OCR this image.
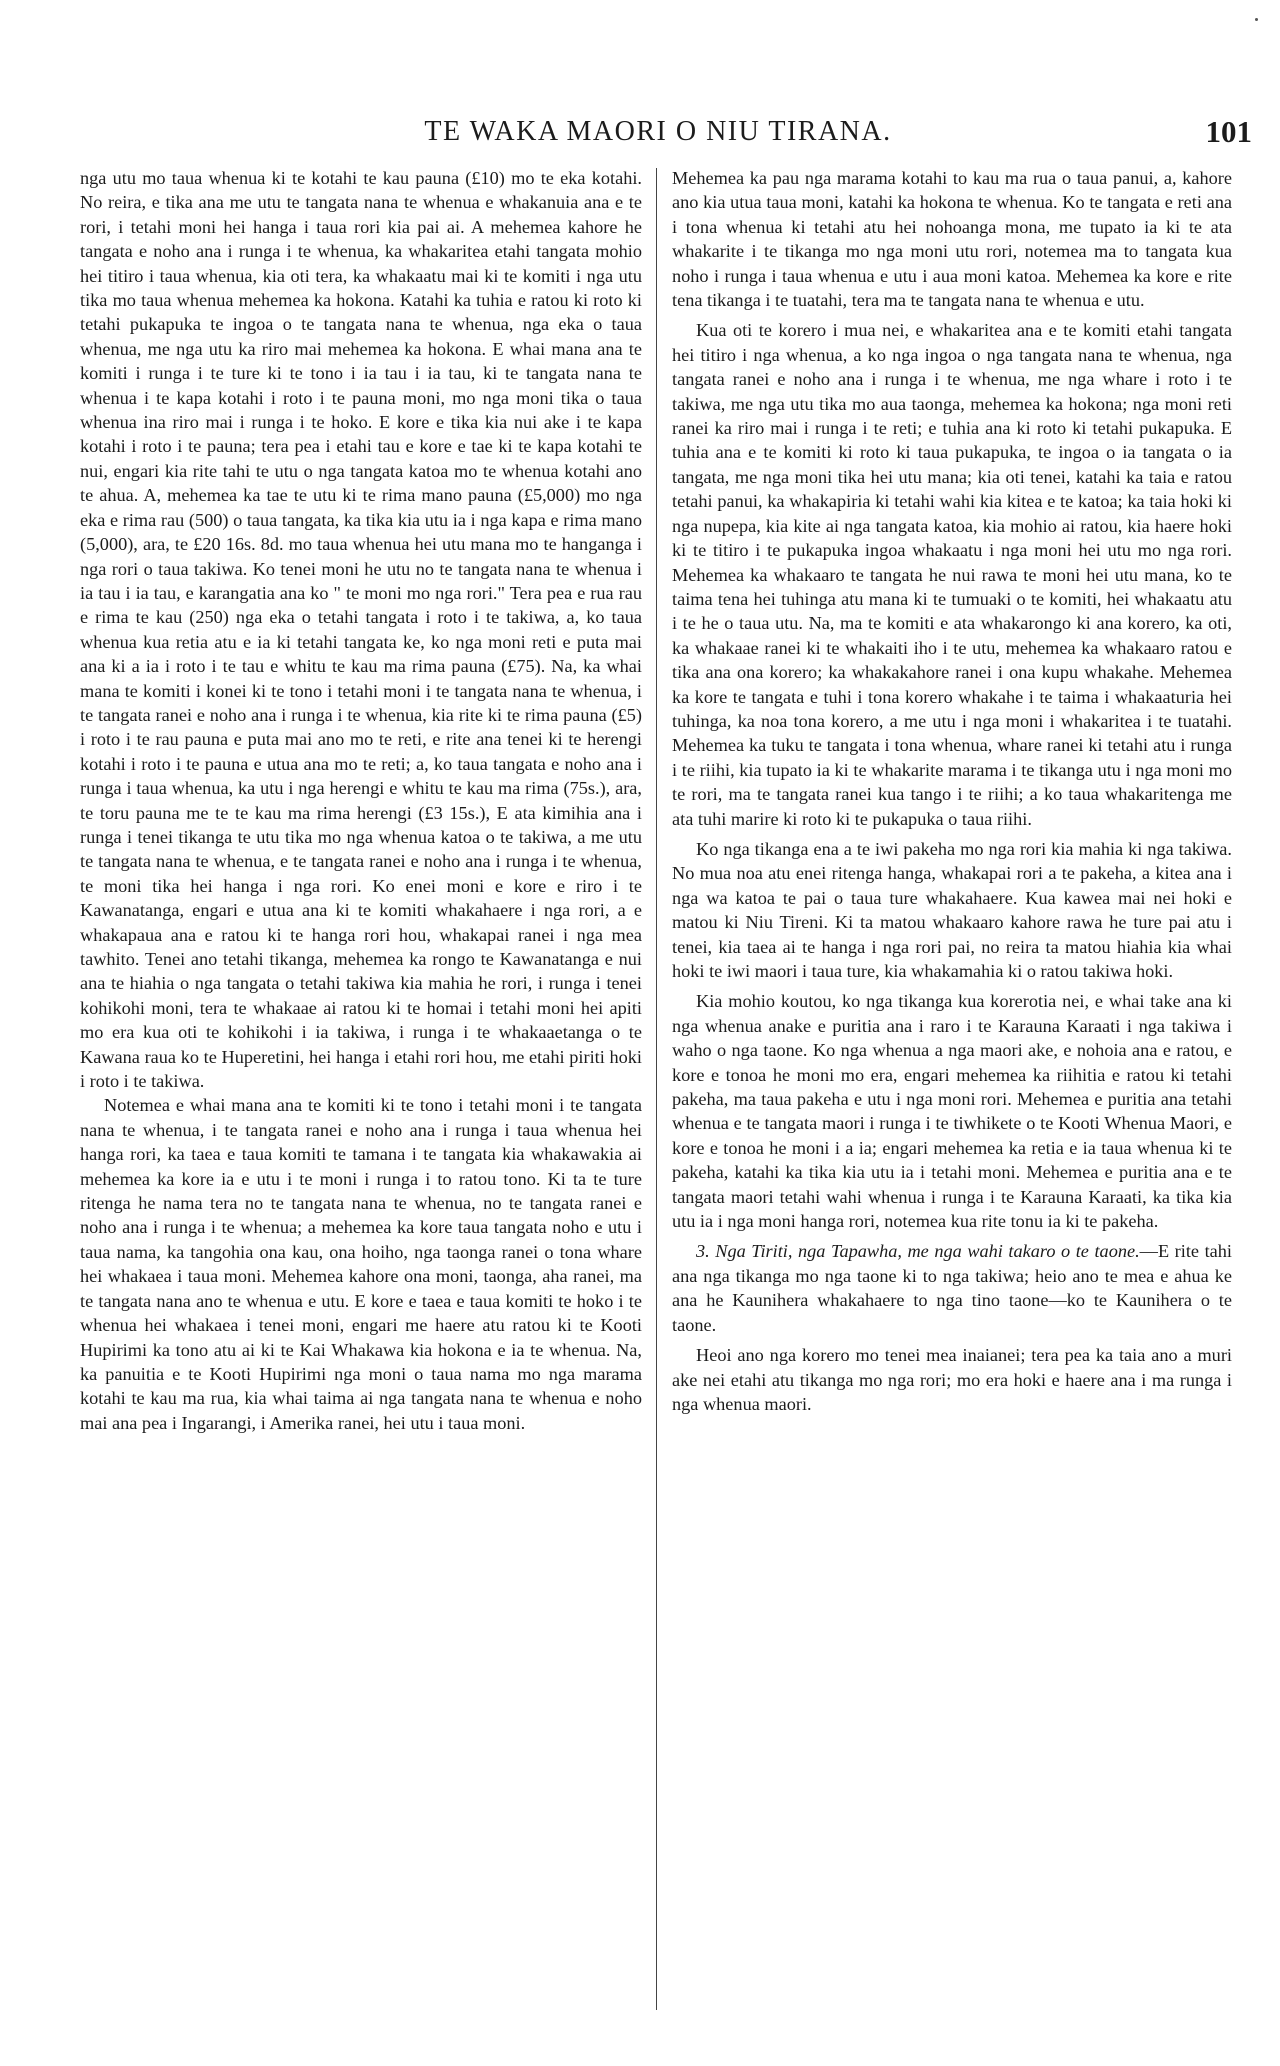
TE WAKA MAORI O NIU TIRANA.	101

nga utu mo taua whenua ki te kotahi te kau pauna (£10) mo te eka kotahi. No reira, e tika ana me utu te tangata nana te whenua e whakanuia ana e te rori, i tetahi moni hei hanga i taua rori kia pai ai. A mehemea kahore he tangata e noho ana i runga i te whenua, ka whakaritea etahi tangata mohio hei titiro i taua whenua, kia oti tera, ka whakaatu mai ki te komiti i nga utu tika mo taua whenua mehemea ka hokona. Katahi ka tuhia e ratou ki roto ki tetahi pukapuka te ingoa o te tangata nana te whenua, nga eka o taua whenua, me nga utu ka riro mai mehemea ka hokona. E whai mana ana te komiti i runga i te ture ki te tono i ia tau i ia tau, ki te tangata nana te whenua i te kapa kotahi i roto i te pauna moni, mo nga moni tika o taua whenua ina riro mai i runga i te hoko. E kore e tika kia nui ake i te kapa kotahi i roto i te pauna; tera pea i etahi tau e kore e tae ki te kapa kotahi te nui, engari kia rite tahi te utu o nga tangata katoa mo te whenua kotahi ano te ahua. A, mehemea ka tae te utu ki te rima mano pauna (£5,000) mo nga eka e rima rau (500) o taua tangata, ka tika kia utu ia i nga kapa e rima mano (5,000), ara, te £20 16s. 8d. mo taua whenua hei utu mana mo te hanganga i nga rori o taua takiwa. Ko tenei moni he utu no te tangata nana te whenua i ia tau i ia tau, e karangatia ana ko " te moni mo nga rori." Tera pea e rua rau e rima te kau (250) nga eka o tetahi tangata i roto i te takiwa, a, ko taua whenua kua retia atu e ia ki tetahi tangata ke, ko nga moni reti e puta mai ana ki a ia i roto i te tau e whitu te kau ma rima pauna (£75). Na, ka whai mana te komiti i konei ki te tono i tetahi moni i te tangata nana te whenua, i te tangata ranei e noho ana i runga i te whenua, kia rite ki te rima pauna (£5) i roto i te rau pauna e puta mai ano mo te reti, e rite ana tenei ki te herengi kotahi i roto i te pauna e utua ana mo te reti; a, ko taua tangata e noho ana i runga i taua whenua, ka utu i nga herengi e whitu te kau ma rima (75s.), ara, te toru pauna me te te kau ma rima herengi (£3 15s.), E ata kimihia ana i runga i tenei tikanga te utu tika mo nga whenua katoa o te takiwa, a me utu te tangata nana te whenua, e te tangata ranei e noho ana i runga i te whenua, te moni tika hei hanga i nga rori. Ko enei moni e kore e riro i te Kawanatanga, engari e utua ana ki te komiti whakahaere i nga rori, a e whakapaua ana e ratou ki te hanga rori hou, whakapai ranei i nga mea tawhito. Tenei ano tetahi tikanga, mehemea ka rongo te Kawanatanga e nui ana te hiahia o nga tangata o tetahi takiwa kia mahia he rori, i runga i tenei kohikohi moni, tera te whakaae ai ratou ki te homai i tetahi moni hei apiti mo era kua oti te kohikohi i ia takiwa, i runga i te whakaaetanga o te Kawana raua ko te Huperetini, hei hanga i etahi rori hou, me etahi piriti hoki i roto i te takiwa.

Notemea e whai mana ana te komiti ki te tono i tetahi moni i te tangata nana te whenua, i te tangata ranei e noho ana i runga i taua whenua hei hanga rori, ka taea e taua komiti te tamana i te tangata kia whakawakia ai mehemea ka kore ia e utu i te moni i runga i to ratou tono. Ki ta te ture ritenga he nama tera no te tangata nana te whenua, no te tangata ranei e noho ana i runga i te whenua; a mehemea ka kore taua tangata noho e utu i taua nama, ka tangohia ona kau, ona hoiho, nga taonga ranei o tona whare hei whakaea i taua moni. Mehemea kahore ona moni, taonga, aha ranei, ma te tangata nana ano te whenua e utu. E kore e taea e taua komiti te hoko i te whenua hei whakaea i tenei moni, engari me haere atu ratou ki te Kooti Hupirimi ka tono atu ai ki te Kai Whakawa kia hokona e ia te whenua. Na, ka panuitia e te Kooti Hupirimi nga moni o taua nama mo nga marama kotahi te kau ma rua, kia whai taima ai nga tangata nana te whenua e noho mai ana pea i Ingarangi, i Amerika ranei, hei utu i taua moni.

Mehemea ka pau nga marama kotahi to kau ma rua o taua panui, a, kahore ano kia utua taua moni, katahi ka hokona te whenua. Ko te tangata e reti ana i tona whenua ki tetahi atu hei nohoanga mona, me tupato ia ki te ata whakarite i te tikanga mo nga moni utu rori, notemea ma to tangata kua noho i runga i taua whenua e utu i aua moni katoa. Mehemea ka kore e rite tena tikanga i te tuatahi, tera ma te tangata nana te whenua e utu.

Kua oti te korero i mua nei, e whakaritea ana e te komiti etahi tangata hei titiro i nga whenua, a ko nga ingoa o nga tangata nana te whenua, nga tangata ranei e noho ana i runga i te whenua, me nga whare i roto i te takiwa, me nga utu tika mo aua taonga, mehemea ka hokona; nga moni reti ranei ka riro mai i runga i te reti; e tuhia ana ki roto ki tetahi pukapuka. E tuhia ana e te komiti ki roto ki taua pukapuka, te ingoa o ia tangata o ia tangata, me nga moni tika hei utu mana; kia oti tenei, katahi ka taia e ratou tetahi panui, ka whakapiria ki tetahi wahi kia kitea e te katoa; ka taia hoki ki nga nupepa, kia kite ai nga tangata katoa, kia mohio ai ratou, kia haere hoki ki te titiro i te pukapuka ingoa whakaatu i nga moni hei utu mo nga rori. Mehemea ka whakaaro te tangata he nui rawa te moni hei utu mana, ko te taima tena hei tuhinga atu mana ki te tumuaki o te komiti, hei whakaatu atu i te he o taua utu. Na, ma te komiti e ata whakarongo ki ana korero, ka oti, ka whakaae ranei ki te whakaiti iho i te utu, mehemea ka whakaaro ratou e tika ana ona korero; ka whakakahore ranei i ona kupu whakahe. Mehemea ka kore te tangata e tuhi i tona korero whakahe i te taima i whakaaturia hei tuhinga, ka noa tona korero, a me utu i nga moni i whakaritea i te tuatahi. Mehemea ka tuku te tangata i tona whenua, whare ranei ki tetahi atu i runga i te riihi, kia tupato ia ki te whakarite marama i te tikanga utu i nga moni mo te rori, ma te tangata ranei kua tango i te riihi; a ko taua whakaritenga me ata tuhi marire ki roto ki te pukapuka o taua riihi.

Ko nga tikanga ena a te iwi pakeha mo nga rori kia mahia ki nga takiwa. No mua noa atu enei ritenga hanga, whakapai rori a te pakeha, a kitea ana i nga wa katoa te pai o taua ture whakahaere. Kua kawea mai nei hoki e matou ki Niu Tireni. Ki ta matou whakaaro kahore rawa he ture pai atu i tenei, kia taea ai te hanga i nga rori pai, no reira ta matou hiahia kia whai hoki te iwi maori i taua ture, kia whakamahia ki o ratou takiwa hoki.

Kia mohio koutou, ko nga tikanga kua korerotia nei, e whai take ana ki nga whenua anake e puritia ana i raro i te Karauna Karaati i nga takiwa i waho o nga taone. Ko nga whenua a nga maori ake, e nohoia ana e ratou, e kore e tonoa he moni mo era, engari mehemea ka riihitia e ratou ki tetahi pakeha, ma taua pakeha e utu i nga moni rori. Mehemea e puritia ana tetahi whenua e te tangata maori i runga i te tiwhikete o te Kooti Whenua Maori, e kore e tonoa he moni i a ia; engari mehemea ka retia e ia taua whenua ki te pakeha, katahi ka tika kia utu ia i tetahi moni. Mehemea e puritia ana e te tangata maori tetahi wahi whenua i runga i te Karauna Karaati, ka tika kia utu ia i nga moni hanga rori, notemea kua rite tonu ia ki te pakeha.

3. Nga Tiriti, nga Tapawha, me nga wahi takaro o te taone.—E rite tahi ana nga tikanga mo nga taone ki to nga takiwa; heio ano te mea e ahua ke ana he Kaunihera whakahaere to nga tino taone—ko te Kaunihera o te taone.

Heoi ano nga korero mo tenei mea inaianei; tera pea ka taia ano a muri ake nei etahi atu tikanga mo nga rori; mo era hoki e haere ana i ma runga i nga whenua maori.
